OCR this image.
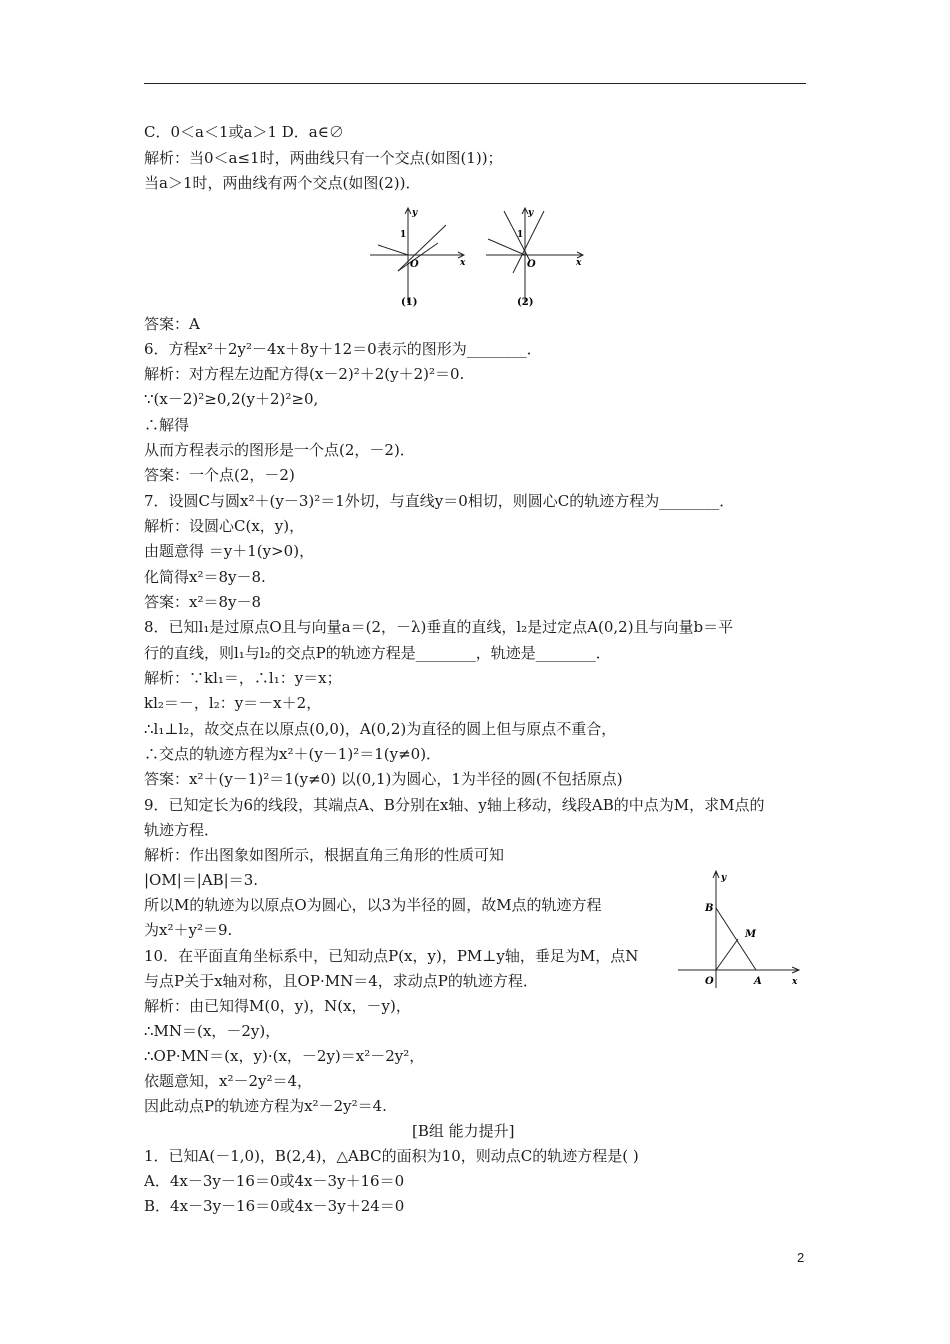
C．0＜a＜1或a＞1 D．a∈∅
解析：当0＜a≤1时，两曲线只有一个交点(如图(1))；
当a＞1时，两曲线有两个交点(如图(2))．
y
x
O
1
y
x
O
1
(1)	(2)
答案：A
6．方程x²＋2y²－4x＋8y＋12＝0表示的图形为________．
解析：对方程左边配方得(x－2)²＋2(y＋2)²＝0.
∵(x－2)²≥0,2(y＋2)²≥0,
∴解得
从而方程表示的图形是一个点(2，－2)．
答案：一个点(2，－2)
7．设圆C与圆x²＋(y－3)²＝1外切，与直线y＝0相切，则圆心C的轨迹方程为________．
解析：设圆心C(x，y)，
由题意得 ＝y＋1(y>0)，
化简得x²＝8y－8.
答案：x²＝8y－8
8．已知l₁是过原点O且与向量a＝(2，－λ)垂直的直线，l₂是过定点A(0,2)且与向量b＝平
行的直线，则l₁与l₂的交点P的轨迹方程是________，轨迹是________．
解析：∵kl₁＝，∴l₁：y＝x；
kl₂＝－，l₂：y＝－x＋2，
∴l₁⊥l₂，故交点在以原点(0,0)，A(0,2)为直径的圆上但与原点不重合，
∴交点的轨迹方程为x²＋(y－1)²＝1(y≠0)．
答案：x²＋(y－1)²＝1(y≠0) 以(0,1)为圆心，1为半径的圆(不包括原点)
9．已知定长为6的线段，其端点A、B分别在x轴、y轴上移动，线段AB的中点为M，求M点的
轨迹方程．
解析：作出图象如图所示，根据直角三角形的性质可知
|OM|＝|AB|＝3.
所以M的轨迹为以原点O为圆心，以3为半径的圆，故M点的轨迹方程
为x²＋y²＝9.
10．在平面直角坐标系中，已知动点P(x，y)，PM⊥y轴，垂足为M，点N
与点P关于x轴对称，且OP·MN＝4，求动点P的轨迹方程．
解析：由已知得M(0，y)，N(x，－y)，
∴MN＝(x，－2y)，
∴OP·MN＝(x，y)·(x，－2y)＝x²－2y²，
依题意知，x²－2y²＝4，
因此动点P的轨迹方程为x²－2y²＝4.
[B组 能力提升]
1．已知A(－1,0)，B(2,4)，△ABC的面积为10，则动点C的轨迹方程是( )
A．4x－3y－16＝0或4x－3y＋16＝0
B．4x－3y－16＝0或4x－3y＋24＝0
y
x
O
B
A
M
2
